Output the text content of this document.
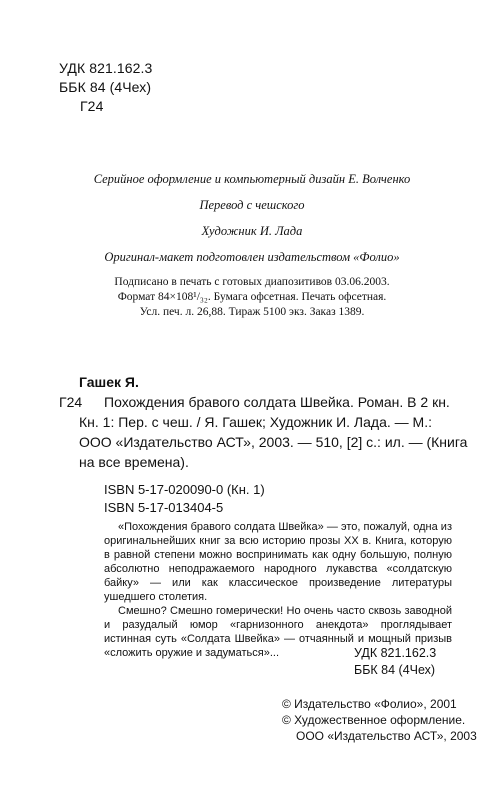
УДК 821.162.3
ББК 84 (4Чех)
Г24
Серийное оформление и компьютерный дизайн Е. Волченко
Перевод с чешского
Художник И. Лада
Оригинал-макет подготовлен издательством «Фолио»
Подписано в печать с готовых диапозитивов 03.06.2003.
Формат 84×108¹/₃₂. Бумага офсетная. Печать офсетная.
Усл. печ. л. 26,88. Тираж 5100 экз. Заказ 1389.
Гашек Я.
Г24 Похождения бравого солдата Швейка. Роман. В 2 кн.
Кн. 1: Пер. с чеш. / Я. Гашек; Художник И. Лада. — М.:
ООО «Издательство АСТ», 2003. — 510, [2] с.: ил. — (Книга
на все времена).
ISBN 5-17-020090-0 (Кн. 1)
ISBN 5-17-013404-5

«Похождения бравого солдата Швейка» — это, пожалуй, одна из оригинальнейших книг за всю историю прозы XX в. Книга, которую в равной степени можно воспринимать как одну большую, полную абсолютно неподражаемого народного лукавства «солдатскую байку» — или как классическое произведение литературы ушедшего столетия.

Смешно? Смешно гомерически! Но очень часто сквозь заводной и разудалый юмор «гарнизонного анекдота» проглядывает истинная суть «Солдата Швейка» — отчаянный и мощный призыв «сложить оружие и задуматься»...	УДК 821.162.3
ББК 84 (4Чех)
© Издательство «Фолио», 2001
© Художественное оформление.
ООО «Издательство АСТ», 2003
